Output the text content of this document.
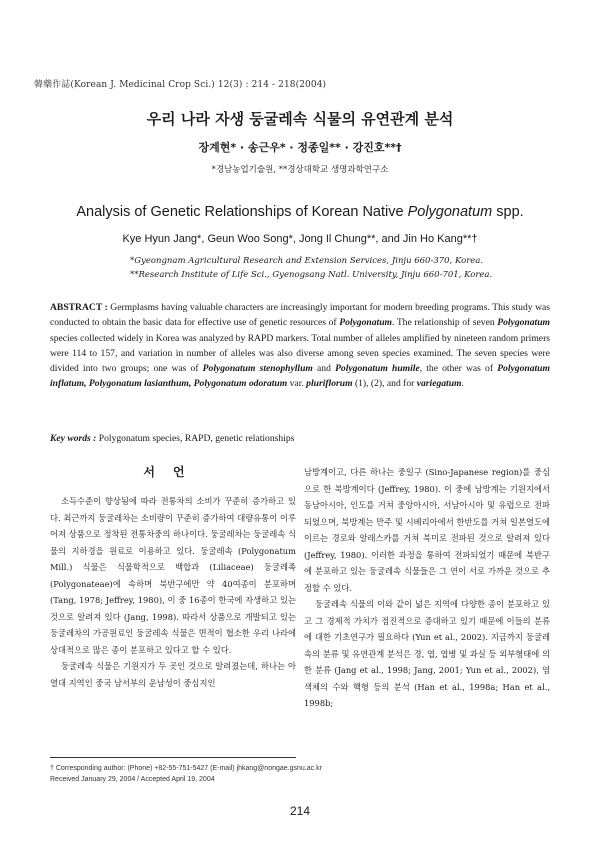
韓藥作誌(Korean J. Medicinal Crop Sci.) 12(3) : 214 - 218(2004)
우리 나라 자생 둥굴레속 식물의 유연관계 분석
장계현* · 송근우* · 정종일** · 강진호**†
*경남농업기술원, **경상대학교 생명과학연구소
Analysis of Genetic Relationships of Korean Native Polygonatum spp.
Kye Hyun Jang*, Geun Woo Song*, Jong Il Chung**, and Jin Ho Kang**†
*Gyeongnam Agricultural Research and Extension Services, Jinju 660-370, Korea.
**Research Institute of Life Sci., Gyenogsang Natl. University, Jinju 660-701, Korea.
ABSTRACT : Germplasms having valuable characters are increasingly important for modern breeding programs. This study was conducted to obtain the basic data for effective use of genetic resources of Polygonatum. The relationship of seven Polygonatum species collected widely in Korea was analyzed by RAPD markers. Total number of alleles amplified by nineteen random primers were 114 to 157, and variation in number of alleles was also diverse among seven species examined. The seven species were divided into two groups; one was of Polygonatum stenophyllum and Polygonatum humile, the other was of Polygonatum inflatum, Polygonatum lasianthum, Polygonatum odoratum var. pluriflorum (1), (2), and for variegatum.
Key words : Polygonatum species, RAPD, genetic relationships
서언

소득수준이 향상됨에 따라 전통차의 소비가 꾸준히 증가하고 있다. 최근까지 둥굴레차는 소비량이 꾸준히 증가하여 대량유통이 이루어져 상품으로 정착된 전통차중의 하나이다. 둥굴레차는 둥굴레속 식물의 지하경을 원료로 이용하고 있다. 둥굴레속 (Polygonatum Mill.) 식물은 식물학적으로 백합과 (Liliaceae) 둥굴레족 (Polygonateae)에 속하며 북반구에만 약 40여종이 분포하며 (Tang, 1978; Jeffrey, 1980), 이 중 16종이 한국에 자생하고 있는 것으로 알려져 있다 (Jang, 1998). 따라서 상품으로 개발되고 있는 둥굴레차의 가공원료인 둥굴레속 식물은 면적이 협소한 우리 나라에 상대적으로 많은 종이 분포하고 있다고 할 수 있다.

둥굴레속 식물은 기원지가 두 곳인 것으로 알려졌는데, 하나는 아열대 지역인 중국 남서부의 운남성이 중심지인

남방계이고, 다른 하나는 중일구 (Sino-Japanese region)를 중심으로 한 북방계이다 (Jeffrey, 1980). 이 중에 남방계는 기원지에서 동남아시아, 인도를 거쳐 중앙아시아, 서남아시아 및 유럽으로 전파되었으며, 북방계는 만주 및 시베리아에서 한반도를 거쳐 일본열도에 이르는 경로와 알래스카를 거쳐 북미로 전파된 것으로 알려져 있다 (Jeffrey, 1980). 이러한 과정을 통하여 전파되었기 때문에 북반구에 분포하고 있는 둥굴레속 식물들은 그 연이 서로 가까운 것으로 추정할 수 있다.

둥굴레속 식물의 이와 같이 넓은 지역에 다양한 종이 분포하고 있고 그 경제적 가치가 점진적으로 증대하고 있기 때문에 이들의 분류에 대한 기초연구가 필요하다 (Yun et al., 2002). 지금까지 둥굴레속의 분류 및 유연관계 분석은 경, 엽, 엽병 및 과실 등 외부형태에 의한 분류 (Jang et al., 1998; Jang, 2001; Yun et al., 2002), 염색체의 수와 핵형 등의 분석 (Han et al., 1998a; Han et al., 1998b;

† Corresponding author: (Phone) +82-55-751-5427 (E-mail) jhkang@nongae.gsnu.ac.kr
Received January 29, 2004 / Accepted April 19, 2004
214
